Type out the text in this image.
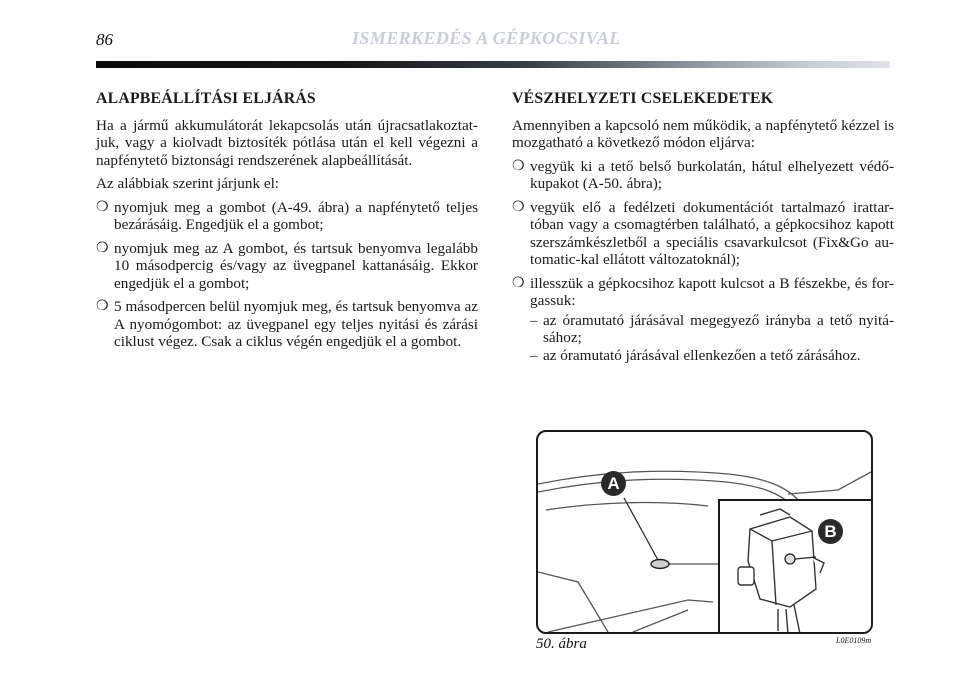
86	ISMERKEDÉS A GÉPKOCSIVAL
ALAPBEÁLLÍTÁSI ELJÁRÁS

Ha a jármű akkumulátorát lekapcsolás után újracsatlakoztat-juk, vagy a kiolvadt biztosíték pótlása után el kell végezni a napfénytető biztonsági rendszerének alapbeállítását.

Az alábbiak szerint járjunk el:

❍ nyomjuk meg a gombot (A-49. ábra) a napfénytető teljes bezárásáig. Engedjük el a gombot;
❍ nyomjuk meg az A gombot, és tartsuk benyomva legalább 10 másodpercig és/vagy az üvegpanel kattanásáig. Ekkor engedjük el a gombot;
❍ 5 másodpercen belül nyomjuk meg, és tartsuk benyomva az A nyomógombot: az üvegpanel egy teljes nyitási és zárási ciklust végez. Csak a ciklus végén engedjük el a gombot.
VÉSZHELYZETI CSELEKEDETEK

Amennyiben a kapcsoló nem működik, a napfénytető kézzel is mozgatható a következő módon eljárva:

❍ vegyük ki a tető belső burkolatán, hátul elhelyezett védő-kupakot (A-50. ábra);
❍ vegyük elő a fedélzeti dokumentációt tartalmazó irattar-tóban vagy a csomagtérben található, a gépkocsihoz kapott szerszámkészletből a speciális csavarkulcsot (Fix&Go au-tomatic-kal ellátott változatoknál);
❍ illesszük a gépkocsihoz kapott kulcsot a B fészekbe, és for-gassuk:
– az óramutató járásával megegyező irányba a tető nyitá-sához;
– az óramutató járásával ellenkezően a tető zárásához.
A
B
50. ábra	L0E0109m
